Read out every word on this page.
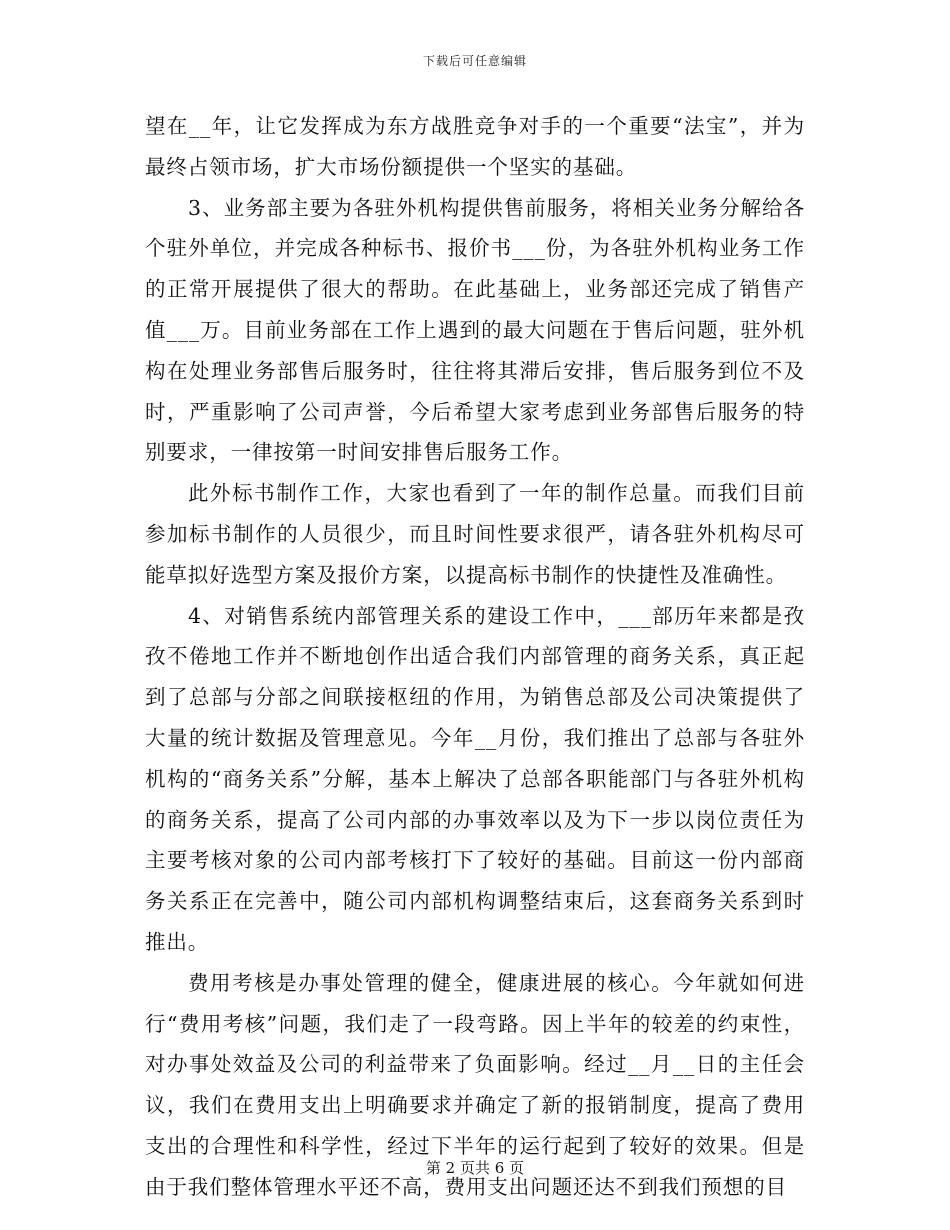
下载后可任意编辑

望在__年，让它发挥成为东方战胜竞争对手的一个重要“法宝”，并为最终占领市场，扩大市场份额提供一个坚实的基础。

3、业务部主要为各驻外机构提供售前服务，将相关业务分解给各个驻外单位，并完成各种标书、报价书___份，为各驻外机构业务工作的正常开展提供了很大的帮助。在此基础上，业务部还完成了销售产值___万。目前业务部在工作上遇到的最大问题在于售后问题，驻外机构在处理业务部售后服务时，往往将其滞后安排，售后服务到位不及时，严重影响了公司声誉，今后希望大家考虑到业务部售后服务的特别要求，一律按第一时间安排售后服务工作。

此外标书制作工作，大家也看到了一年的制作总量。而我们目前参加标书制作的人员很少，而且时间性要求很严，请各驻外机构尽可能草拟好选型方案及报价方案，以提高标书制作的快捷性及准确性。

4、对销售系统内部管理关系的建设工作中，___部历年来都是孜孜不倦地工作并不断地创作出适合我们内部管理的商务关系，真正起到了总部与分部之间联接枢纽的作用，为销售总部及公司决策提供了大量的统计数据及管理意见。今年__月份，我们推出了总部与各驻外机构的“商务关系”分解，基本上解决了总部各职能部门与各驻外机构的商务关系，提高了公司内部的办事效率以及为下一步以岗位责任为主要考核对象的公司内部考核打下了较好的基础。目前这一份内部商务关系正在完善中，随公司内部机构调整结束后，这套商务关系到时推出。

费用考核是办事处管理的健全，健康进展的核心。今年就如何进行“费用考核”问题，我们走了一段弯路。因上半年的较差的约束性，对办事处效益及公司的利益带来了负面影响。经过__月__日的主任会议，我们在费用支出上明确要求并确定了新的报销制度，提高了费用支出的合理性和科学性，经过下半年的运行起到了较好的效果。但是由于我们整体管理水平还不高，费用支出问题还达不到我们预想的目

第 2 页共 6 页
